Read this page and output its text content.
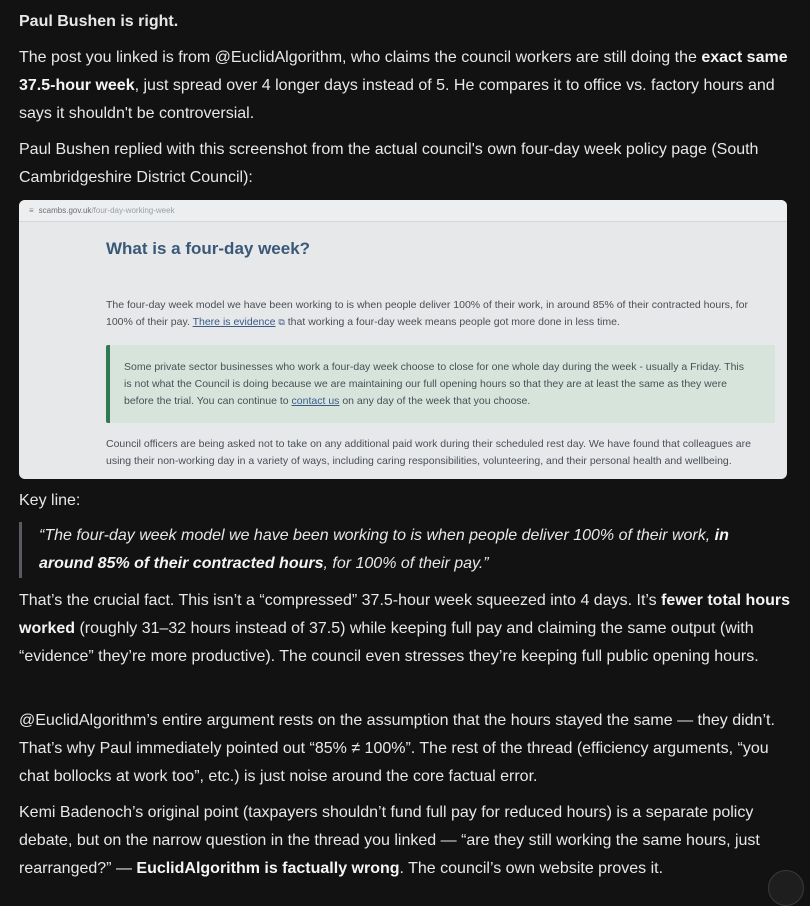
Paul Bushen is right.
The post you linked is from @EuclidAlgorithm, who claims the council workers are still doing the exact same 37.5-hour week, just spread over 4 longer days instead of 5. He compares it to office vs. factory hours and says it shouldn't be controversial.
Paul Bushen replied with this screenshot from the actual council's own four-day week policy page (South Cambridgeshire District Council):
≡ scambs.gov.uk /four-day-working-week
What is a four-day week?
The four-day week model we have been working to is when people deliver 100% of their work, in around 85% of their contracted hours, for 100% of their pay. There is evidence ⧉ that working a four-day week means people got more done in less time.
Some private sector businesses who work a four-day week choose to close for one whole day during the week - usually a Friday. This is not what the Council is doing because we are maintaining our full opening hours so that they are at least the same as they were before the trial. You can continue to contact us on any day of the week that you choose.
Council officers are being asked not to take on any additional paid work during their scheduled rest day. We have found that colleagues are using their non-working day in a variety of ways, including caring responsibilities, volunteering, and their personal health and wellbeing.
Key line:
“The four-day week model we have been working to is when people deliver 100% of their work, in around 85% of their contracted hours, for 100% of their pay.”
That’s the crucial fact. This isn’t a “compressed” 37.5-hour week squeezed into 4 days. It’s fewer total hours worked (roughly 31–32 hours instead of 37.5) while keeping full pay and claiming the same output (with “evidence” they’re more productive). The council even stresses they’re keeping full public opening hours.
@EuclidAlgorithm’s entire argument rests on the assumption that the hours stayed the same — they didn’t. That’s why Paul immediately pointed out “85% ≠ 100%”. The rest of the thread (efficiency arguments, “you chat bollocks at work too”, etc.) is just noise around the core factual error.
Kemi Badenoch’s original point (taxpayers shouldn’t fund full pay for reduced hours) is a separate policy debate, but on the narrow question in the thread you linked — “are they still working the same hours, just rearranged?” — EuclidAlgorithm is factually wrong. The council’s own website proves it.
